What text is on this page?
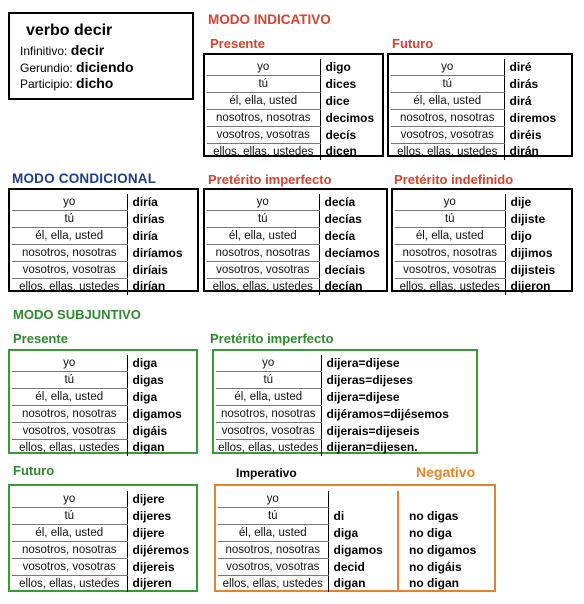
verbo decir
Infinitivo: decir
Gerundio: diciendo
Participio: dicho
MODO INDICATIVO
Presente	Futuro
MODO CONDICIONAL	Pretérito imperfecto	Pretérito indefinido
MODO SUBJUNTIVO
Presente	Pretérito imperfecto
Futuro	Imperativo	Negativo
yo	digo
tú	dices
él, ella, usted	dice
nosotros, nosotras	decimos
vosotros, vosotras	decís
ellos, ellas, ustedes	dicen
yo	diré
tú	dirás
él, ella, usted	dirá
nosotros, nosotras	diremos
vosotros, vosotras	diréis
ellos, ellas, ustedes	dirán
yo	diría
tú	dirías
él, ella, usted	diría
nosotros, nosotras	diríamos
vosotros, vosotras	diríais
ellos, ellas, ustedes	dirían
yo	decía
tú	decías
él, ella, usted	decía
nosotros, nosotras	decíamos
vosotros, vosotras	decíais
ellos, ellas, ustedes	decían
yo	dije
tú	dijiste
él, ella, usted	dijo
nosotros, nosotras	dijimos
vosotros, vosotras	dijisteis
ellos, ellas, ustedes	dijeron
yo	diga
tú	digas
él, ella, usted	diga
nosotros, nosotras	digamos
vosotros, vosotras	digáis
ellos, ellas, ustedes	digan
yo	dijera=dijese
tú	dijeras=dijeses
él, ella, usted	dijera=dijese
nosotros, nosotras	dijéramos=dijésemos
vosotros, vosotras	dijerais=dijeseis
ellos, ellas, ustedes	dijeran=dijesen.
yo	dijere
tú	dijeres
él, ella, usted	dijere
nosotros, nosotras	dijéremos
vosotros, vosotras	dijereis
ellos, ellas, ustedes	dijeren
yo		
tú	di	no digas
él, ella, usted	diga	no diga
nosotros, nosotras	digamos	no digamos
vosotros, vosotras	decid	no digáis
ellos, ellas, ustedes	digan	no digan
